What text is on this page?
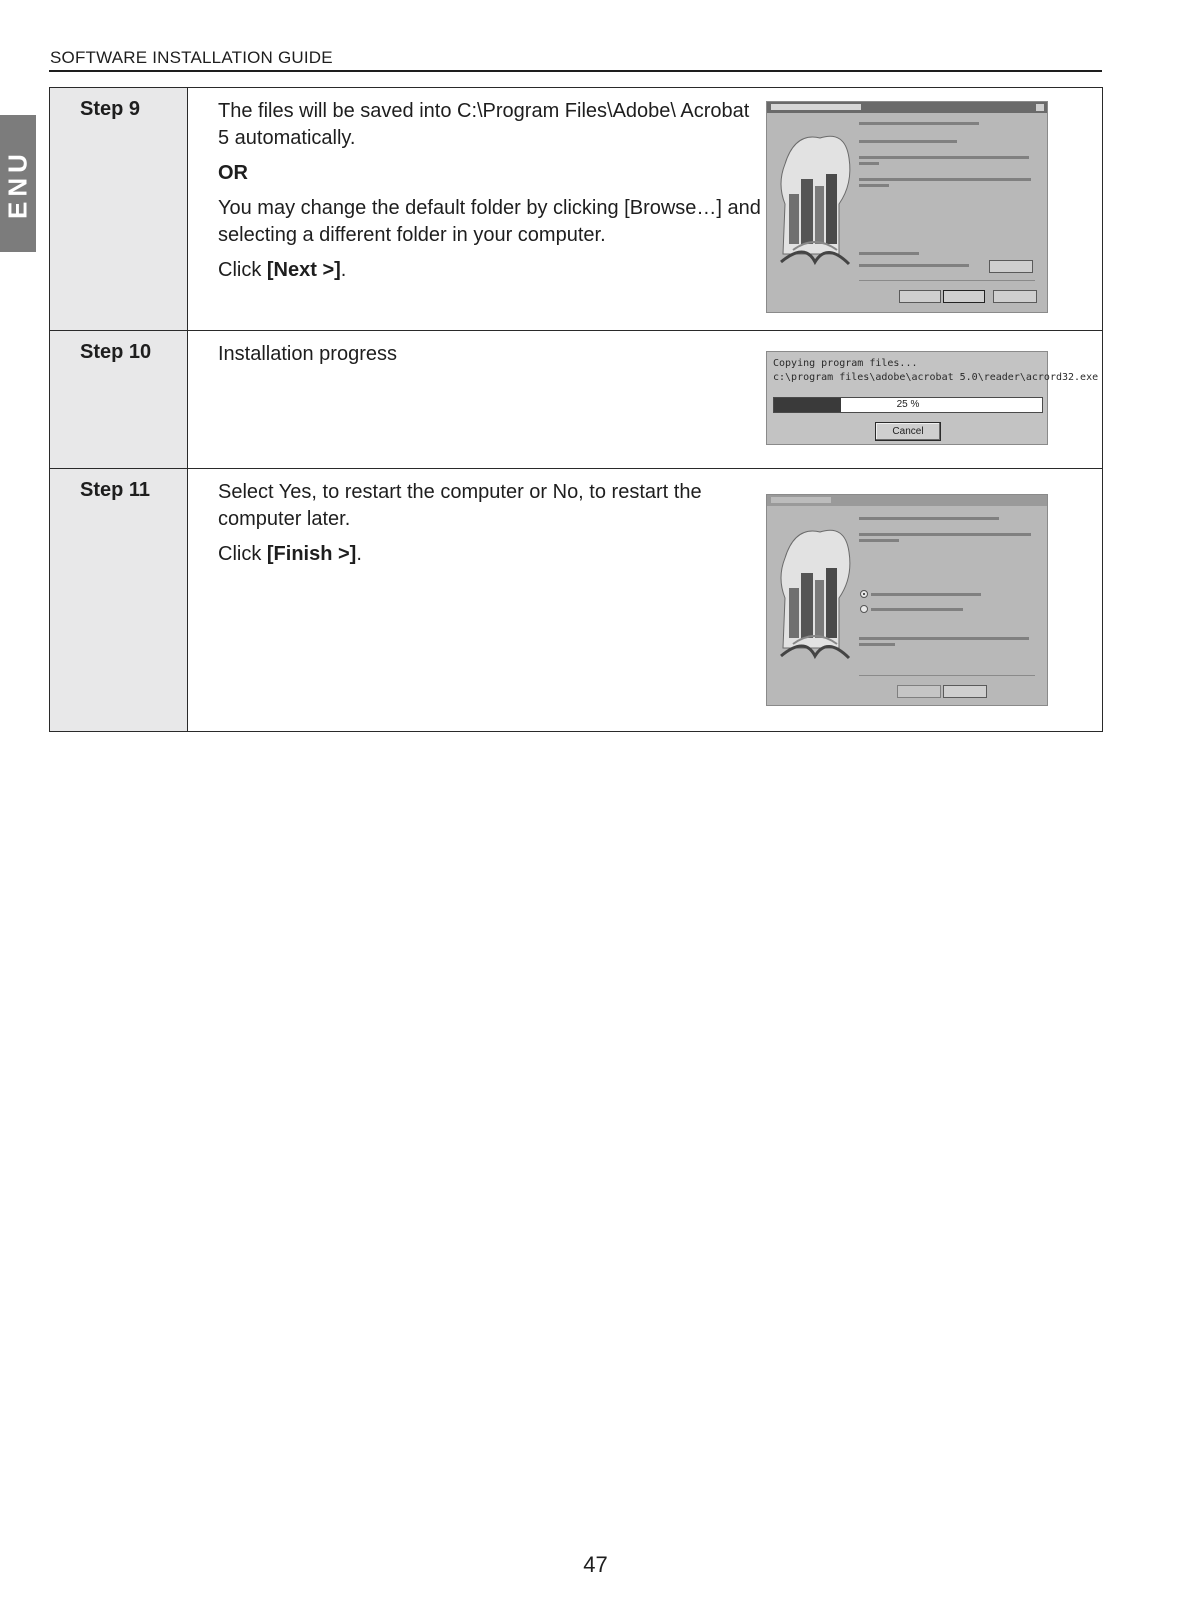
SOFTWARE INSTALLATION GUIDE
ENU
Step 9	The files will be saved into C:\Program Files\Adobe\ Acrobat 5 automatically.

OR

You may change the default folder by clicking [Browse…] and selecting a different folder in your computer.

Click [Next >].

Step 10	Installation progress Copying program files...
c:\program files\adobe\acrobat 5.0\reader\acrord32.exe
25 %
Cancel

Step 11	Select Yes, to restart the computer or No, to restart the computer later.

Click [Finish >].

47
